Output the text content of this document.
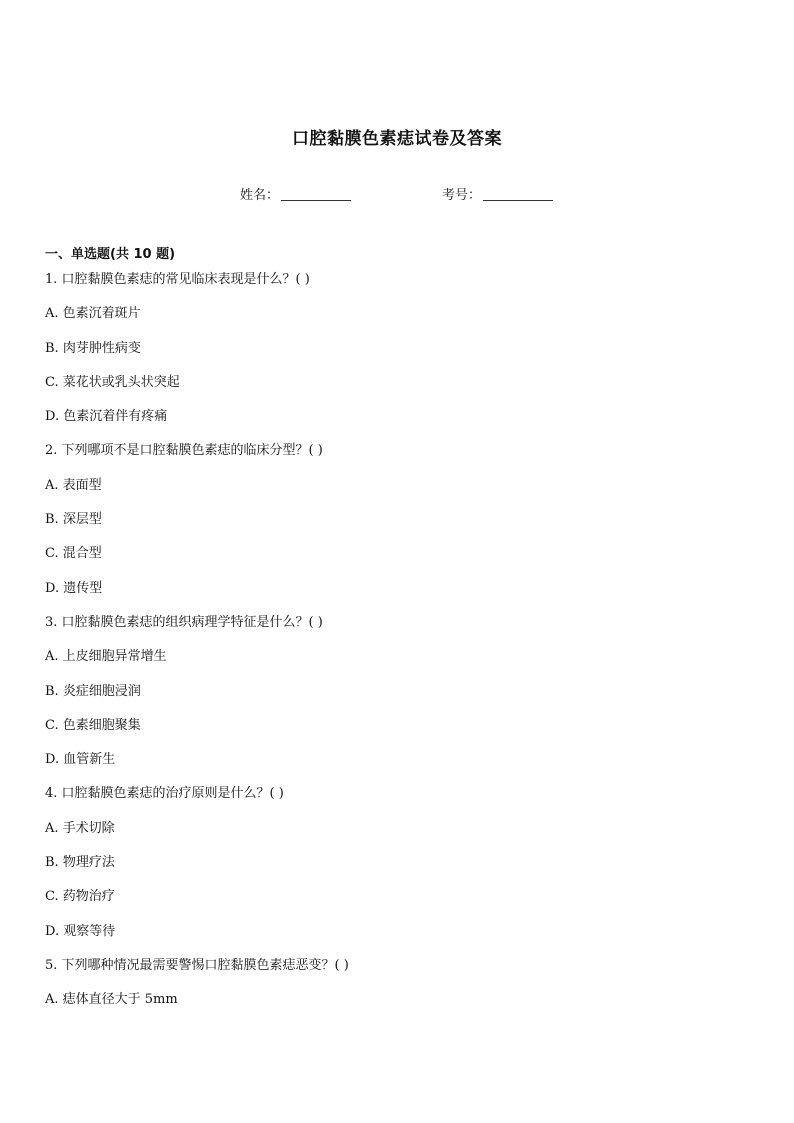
口腔黏膜色素痣试卷及答案
姓名：	考号：
一、单选题(共 10 题)
1. 口腔黏膜色素痣的常见临床表现是什么？( )
A. 色素沉着斑片
B. 肉芽肿性病变
C. 菜花状或乳头状突起
D. 色素沉着伴有疼痛
2. 下列哪项不是口腔黏膜色素痣的临床分型？( )
A. 表面型
B. 深层型
C. 混合型
D. 遗传型
3. 口腔黏膜色素痣的组织病理学特征是什么？( )
A. 上皮细胞异常增生
B. 炎症细胞浸润
C. 色素细胞聚集
D. 血管新生
4. 口腔黏膜色素痣的治疗原则是什么？( )
A. 手术切除
B. 物理疗法
C. 药物治疗
D. 观察等待
5. 下列哪种情况最需要警惕口腔黏膜色素痣恶变？( )
A. 痣体直径大于 5mm
